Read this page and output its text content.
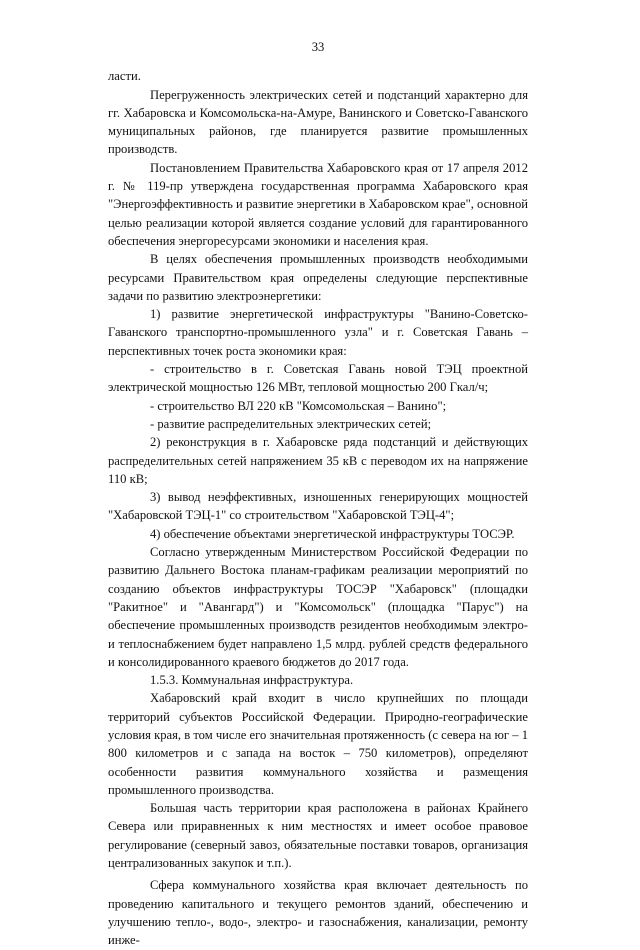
33

ласти.

Перегруженность электрических сетей и подстанций характерно для гг. Хабаровска и Комсомольска-на-Амуре, Ванинского и Советско-Гаванского муниципальных районов, где планируется развитие промышленных производств.

Постановлением Правительства Хабаровского края от 17 апреля 2012 г. № 119-пр утверждена государственная программа Хабаровского края "Энергоэффективность и развитие энергетики в Хабаровском крае", основной целью реализации которой является создание условий для гарантированного обеспечения энергоресурсами экономики и населения края.

В целях обеспечения промышленных производств необходимыми ресурсами Правительством края определены следующие перспективные задачи по развитию электроэнергетики:

1) развитие энергетической инфраструктуры "Ванино-Советско-Гаванского транспортно-промышленного узла" и г. Советская Гавань – перспективных точек роста экономики края:

- строительство в г. Советская Гавань новой ТЭЦ проектной электрической мощностью 126 МВт, тепловой мощностью 200 Гкал/ч;

- строительство ВЛ 220 кВ "Комсомольская – Ванино";

- развитие распределительных электрических сетей;

2) реконструкция в г. Хабаровске ряда подстанций и действующих распределительных сетей напряжением 35 кВ с переводом их на напряжение 110 кВ;

3) вывод неэффективных, изношенных генерирующих мощностей "Хабаровской ТЭЦ-1" со строительством "Хабаровской ТЭЦ-4";

4) обеспечение объектами энергетической инфраструктуры ТОСЭР.

Согласно утвержденным Министерством Российской Федерации по развитию Дальнего Востока планам-графикам реализации мероприятий по созданию объектов инфраструктуры ТОСЭР "Хабаровск" (площадки "Ракитное" и "Авангард") и "Комсомольск" (площадка "Парус") на обеспечение промышленных производств резидентов необходимым электро- и теплоснабжением будет направлено 1,5 млрд. рублей средств федерального и консолидированного краевого бюджетов до 2017 года.

1.5.3. Коммунальная инфраструктура.

Хабаровский край входит в число крупнейших по площади территорий субъектов Российской Федерации. Природно-географические условия края, в том числе его значительная протяженность (с севера на юг – 1 800 километров и с запада на восток – 750 километров), определяют особенности развития коммунального хозяйства и размещения промышленного производства.

Большая часть территории края расположена в районах Крайнего Севера или приравненных к ним местностях и имеет особое правовое регулирование (северный завоз, обязательные поставки товаров, организация централизованных закупок и т.п.).

Сфера коммунального хозяйства края включает деятельность по проведению капитального и текущего ремонтов зданий, обеспечению и улучшению тепло-, водо-, электро- и газоснабжения, канализации, ремонту инже-
